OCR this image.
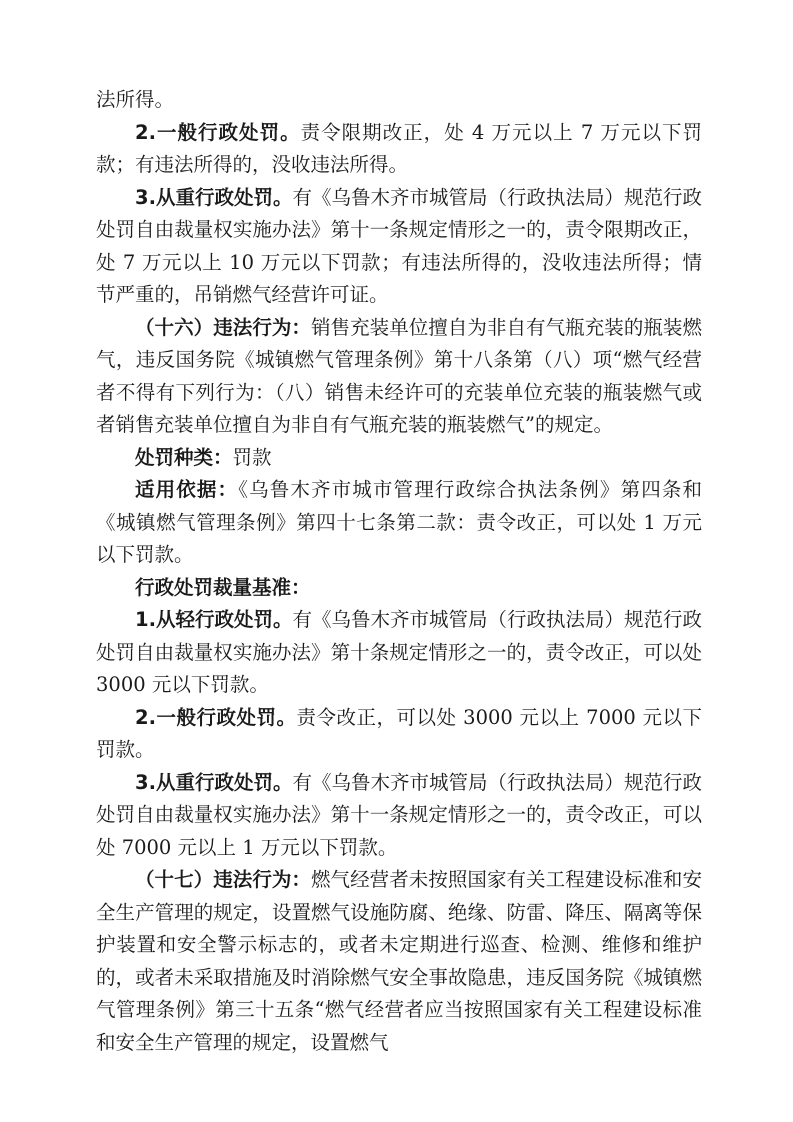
法所得。

2.一般行政处罚。责令限期改正，处 4 万元以上 7 万元以下罚款；有违法所得的，没收违法所得。

3.从重行政处罚。有《乌鲁木齐市城管局（行政执法局）规范行政处罚自由裁量权实施办法》第十一条规定情形之一的，责令限期改正，处 7 万元以上 10 万元以下罚款；有违法所得的，没收违法所得；情节严重的，吊销燃气经营许可证。

（十六）违法行为：销售充装单位擅自为非自有气瓶充装的瓶装燃气，违反国务院《城镇燃气管理条例》第十八条第（八）项“燃气经营者不得有下列行为：（八）销售未经许可的充装单位充装的瓶装燃气或者销售充装单位擅自为非自有气瓶充装的瓶装燃气”的规定。

处罚种类：罚款

适用依据：《乌鲁木齐市城市管理行政综合执法条例》第四条和《城镇燃气管理条例》第四十七条第二款：责令改正，可以处 1 万元以下罚款。

行政处罚裁量基准：

1.从轻行政处罚。有《乌鲁木齐市城管局（行政执法局）规范行政处罚自由裁量权实施办法》第十条规定情形之一的，责令改正，可以处 3000 元以下罚款。

2.一般行政处罚。责令改正，可以处 3000 元以上 7000 元以下罚款。

3.从重行政处罚。有《乌鲁木齐市城管局（行政执法局）规范行政处罚自由裁量权实施办法》第十一条规定情形之一的，责令改正，可以处 7000 元以上 1 万元以下罚款。

（十七）违法行为：燃气经营者未按照国家有关工程建设标准和安全生产管理的规定，设置燃气设施防腐、绝缘、防雷、降压、隔离等保护装置和安全警示标志的，或者未定期进行巡查、检测、维修和维护的，或者未采取措施及时消除燃气安全事故隐患，违反国务院《城镇燃气管理条例》第三十五条“燃气经营者应当按照国家有关工程建设标准和安全生产管理的规定，设置燃气
